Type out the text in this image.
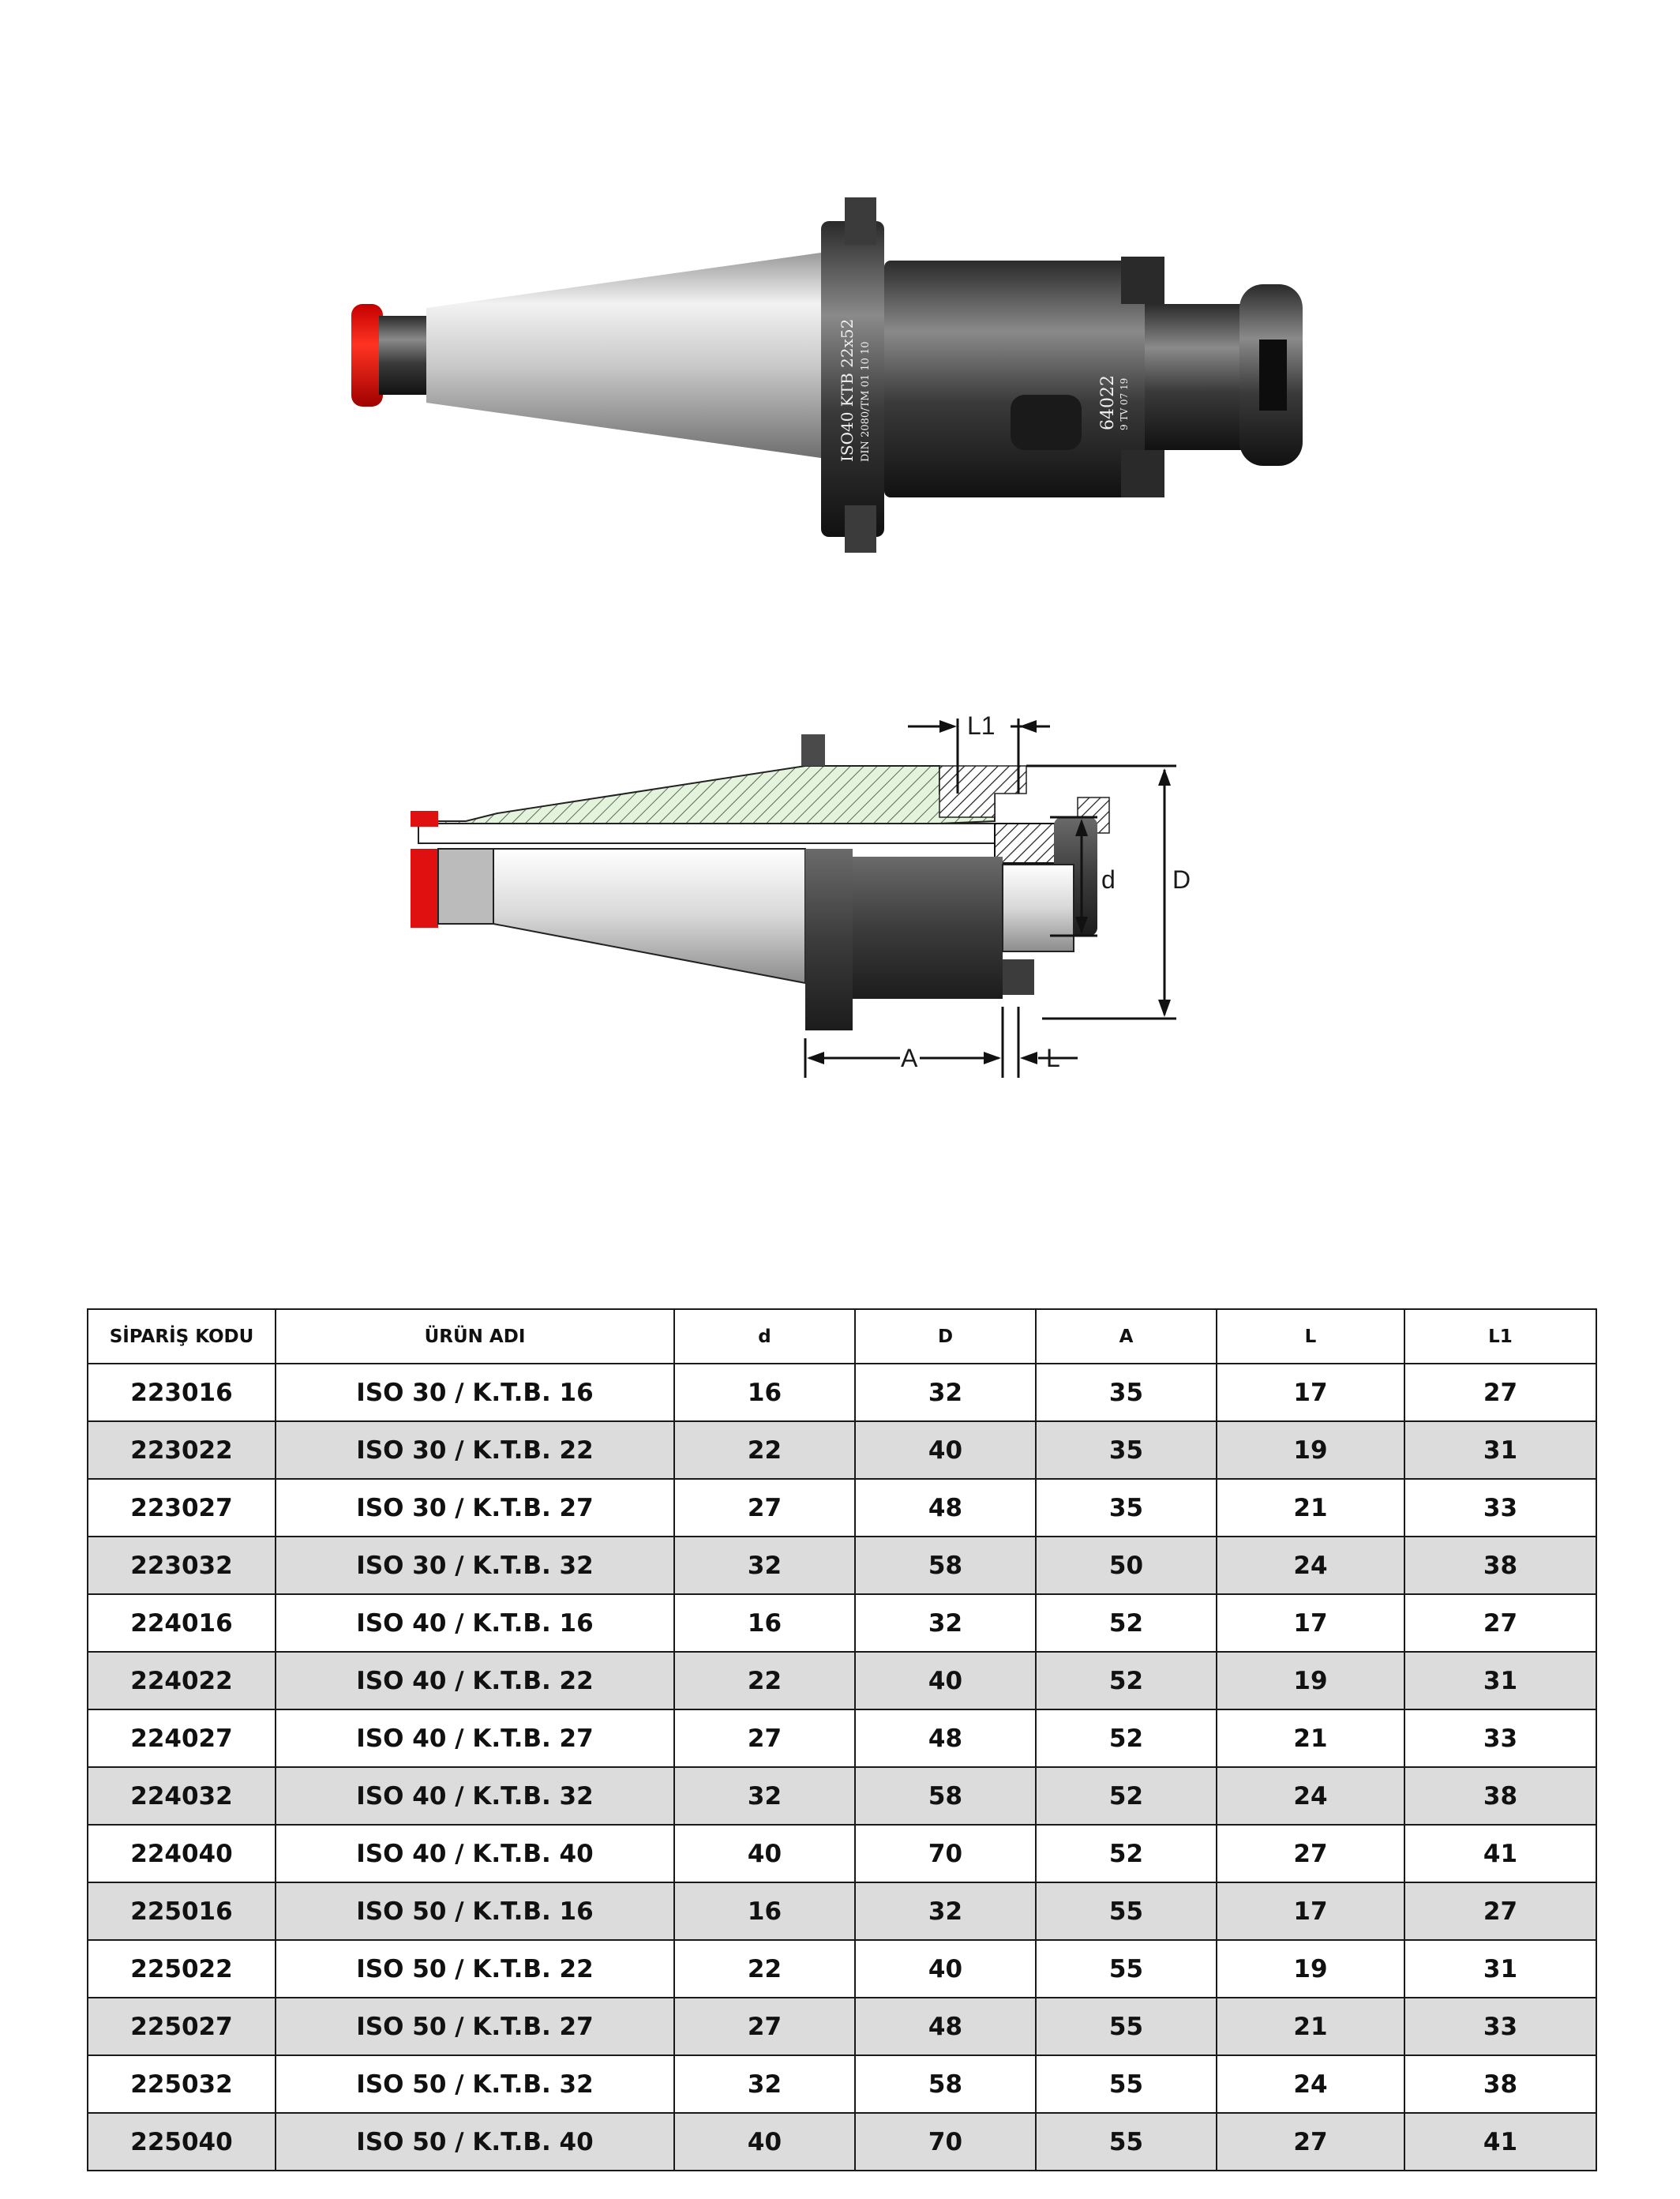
ISO40 KTB 22x52 DIN 2080/TM 01 10 10	64022 9 TV 07 19
L1
D
d
A	L
SİPARİŞ KODU	ÜRÜN ADI	d	D	A	L	L1
223016	ISO 30 / K.T.B. 16	16	32	35	17	27
223022	ISO 30 / K.T.B. 22	22	40	35	19	31
223027	ISO 30 / K.T.B. 27	27	48	35	21	33
223032	ISO 30 / K.T.B. 32	32	58	50	24	38
224016	ISO 40 / K.T.B. 16	16	32	52	17	27
224022	ISO 40 / K.T.B. 22	22	40	52	19	31
224027	ISO 40 / K.T.B. 27	27	48	52	21	33
224032	ISO 40 / K.T.B. 32	32	58	52	24	38
224040	ISO 40 / K.T.B. 40	40	70	52	27	41
225016	ISO 50 / K.T.B. 16	16	32	55	17	27
225022	ISO 50 / K.T.B. 22	22	40	55	19	31
225027	ISO 50 / K.T.B. 27	27	48	55	21	33
225032	ISO 50 / K.T.B. 32	32	58	55	24	38
225040	ISO 50 / K.T.B. 40	40	70	55	27	41
